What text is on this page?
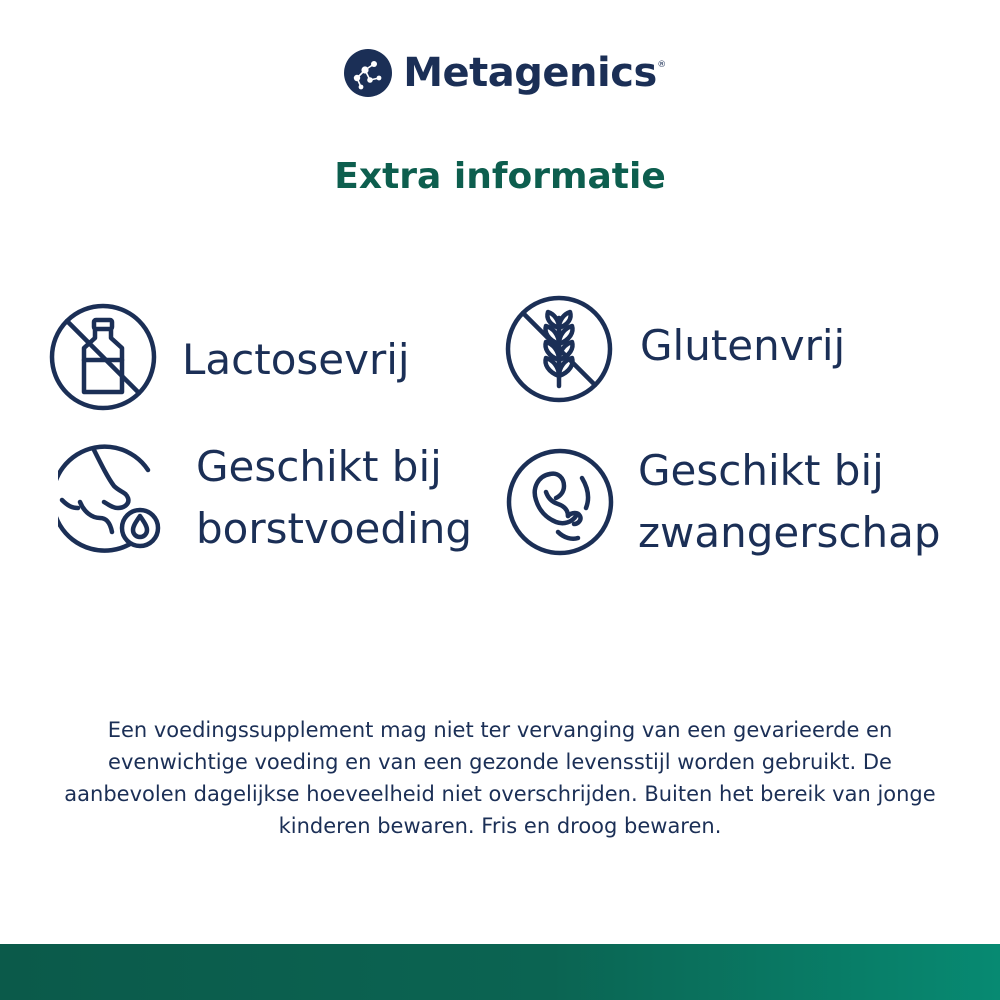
Metagenics ®
Extra informatie
Lactosevrij	Glutenvrij
Geschikt bij
borstvoeding
Geschikt bij
zwangerschap

Een voedingssupplement mag niet ter vervanging van een gevarieerde en evenwichtige voeding en van een gezonde levensstijl worden gebruikt. De aanbevolen dagelijkse hoeveelheid niet overschrijden. Buiten het bereik van jonge kinderen bewaren. Fris en droog bewaren.
